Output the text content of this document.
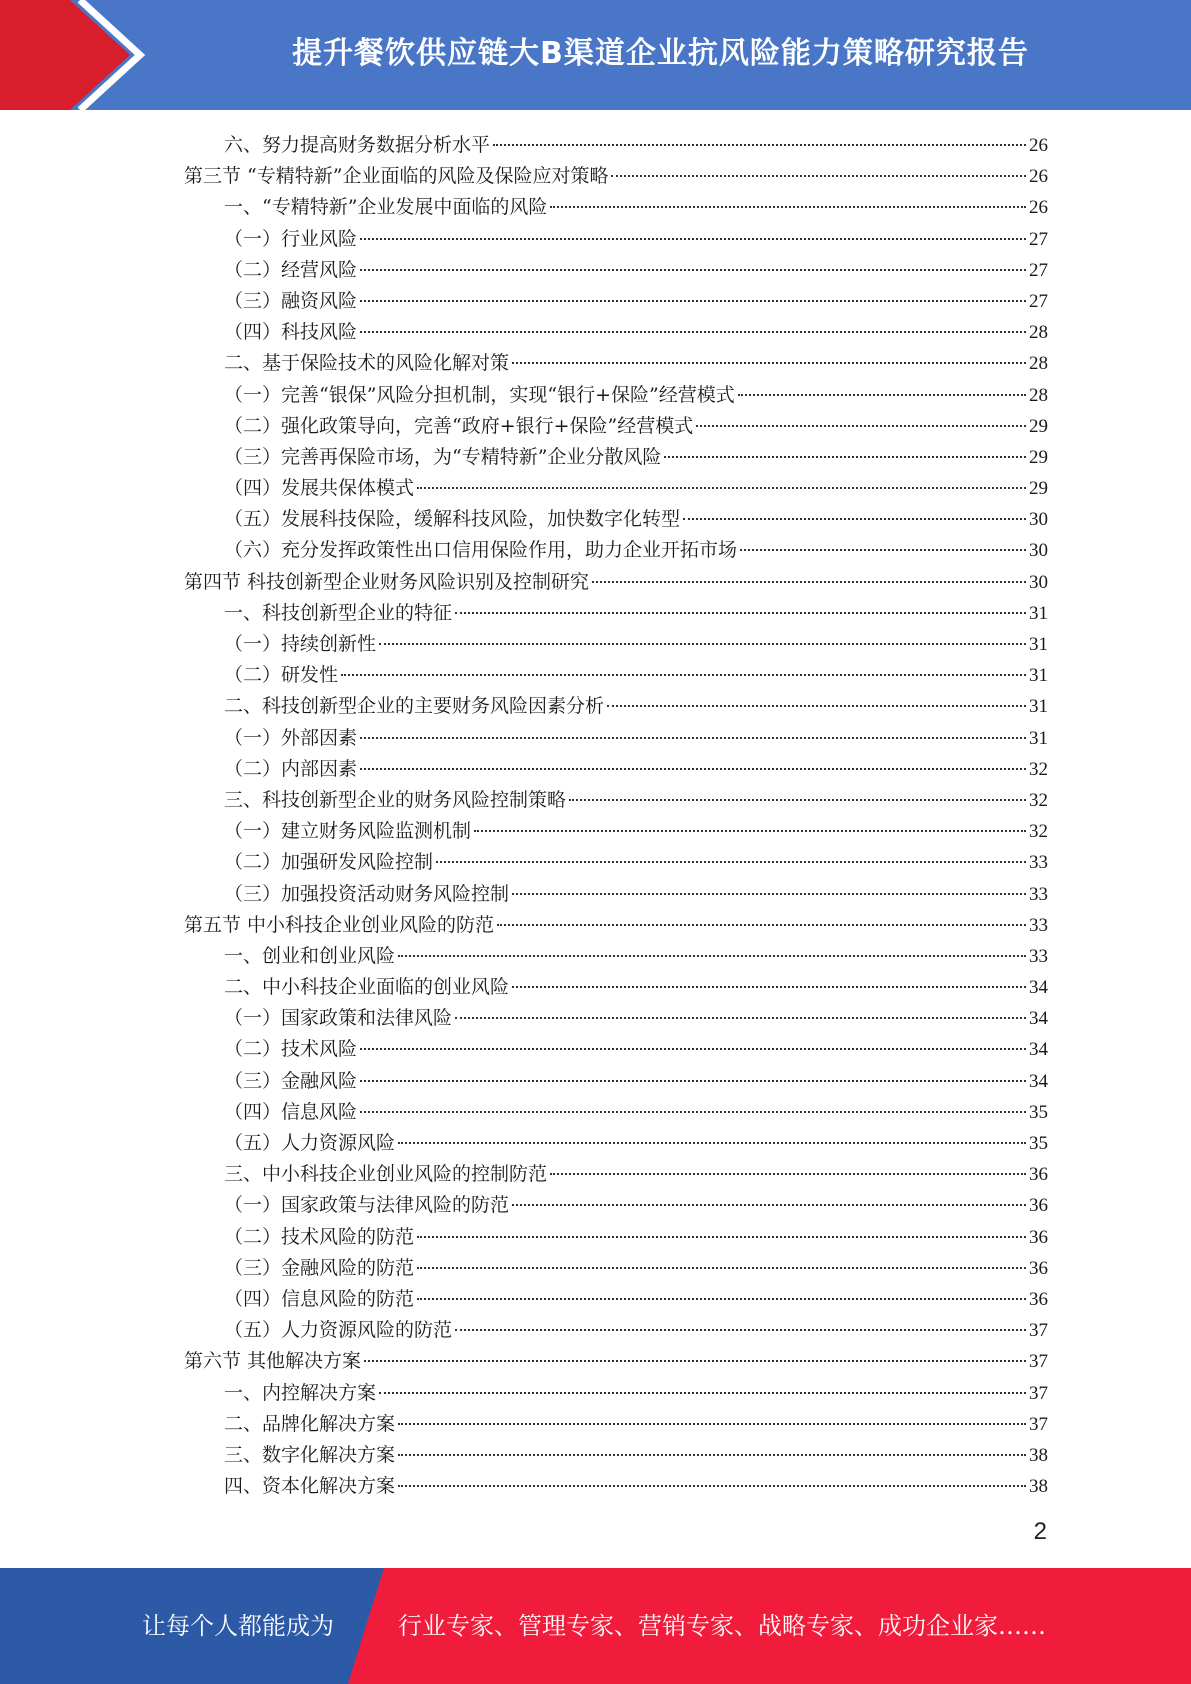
提升餐饮供应链大B渠道企业抗风险能力策略研究报告
六、努力提高财务数据分析水平	26
第三节 “专精特新”企业面临的风险及保险应对策略	26
一、“专精特新”企业发展中面临的风险	26
（一）行业风险	27
（二）经营风险	27
（三）融资风险	27
（四）科技风险	28
二、基于保险技术的风险化解对策	28
（一）完善“银保”风险分担机制，实现“银行+保险”经营模式	28
（二）强化政策导向，完善“政府+银行+保险”经营模式	29
（三）完善再保险市场，为“专精特新”企业分散风险	29
（四）发展共保体模式	29
（五）发展科技保险，缓解科技风险，加快数字化转型	30
（六）充分发挥政策性出口信用保险作用，助力企业开拓市场	30
第四节 科技创新型企业财务风险识别及控制研究	30
一、科技创新型企业的特征	31
（一）持续创新性	31
（二）研发性	31
二、科技创新型企业的主要财务风险因素分析	31
（一）外部因素	31
（二）内部因素	32
三、科技创新型企业的财务风险控制策略	32
（一）建立财务风险监测机制	32
（二）加强研发风险控制	33
（三）加强投资活动财务风险控制	33
第五节 中小科技企业创业风险的防范	33
一、创业和创业风险	33
二、中小科技企业面临的创业风险	34
（一）国家政策和法律风险	34
（二）技术风险	34
（三）金融风险	34
（四）信息风险	35
（五）人力资源风险	35
三、中小科技企业创业风险的控制防范	36
（一）国家政策与法律风险的防范	36
（二）技术风险的防范	36
（三）金融风险的防范	36
（四）信息风险的防范	36
（五）人力资源风险的防范	37
第六节 其他解决方案	37
一、内控解决方案	37
二、品牌化解决方案	37
三、数字化解决方案	38
四、资本化解决方案	38
2
让每个人都能成为	行业专家、管理专家、营销专家、战略专家、成功企业家……
